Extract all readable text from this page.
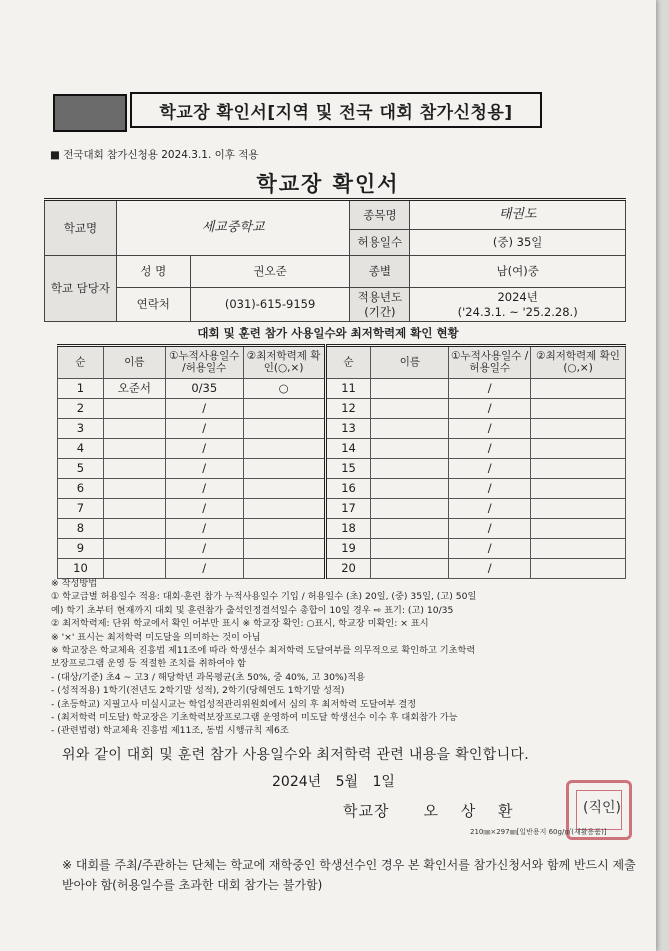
학교장 확인서[지역 및 전국 대회 참가신청용]
■ 전국대회 참가신청용 2024.3.1. 이후 적용
학교장 확인서
학교명	세교중학교		종목명	태권도
			허용일수	(중) 35일
학교 담당자	성 명	권오준	종별	남(여)중
	연락처	(031)-615-9159	적용년도 (기간)	2024년
('24.3.1. ~ '25.2.28.)
대회 및 훈련 참가 사용일수와 최저학력제 확인 현황
순	이름	①누적사용일수 /허용일수	②최저학력제 확인(○,×)	순	이름	①누적사용일수 /허용일수	②최저학력제 확인(○,×)
1	오준서	0/35	○	11		/	
2		/		12		/	
3		/		13		/	
4		/		14		/	
5		/		15		/	
6		/		16		/	
7		/		17		/	
8		/		18		/	
9		/		19		/	
10		/		20		/	
※ 작성방법
① 학교급별 허용일수 적용: 대회·훈련 참가 누적사용일수 기입 / 허용일수 (초) 20일, (중) 35일, (고) 50일
예) 학기 초부터 현재까지 대회 및 훈련참가 출석인정결석일수 총합이 10일 경우 ⇨ 표기: (고) 10/35
② 최저학력제: 단위 학교에서 확인 어부만 표시 ※ 학교장 확인: ○표시, 학교장 미확인: × 표시
※ '×' 표시는 최저학력 미도달을 의미하는 것이 아님
※ 학교장은 학교체육 진흥법 제11조에 따라 학생선수 최저학력 도달여부를 의무적으로 확인하고 기초학력
보장프로그램 운영 등 적절한 조치를 취하여야 함
- (대상/기준) 초4 ~ 고3 / 해당학년 과목평균(초 50%, 중 40%, 고 30%)적용
- (성적적용) 1학기(전년도 2학기말 성적), 2학기(당해연도 1학기말 성적)
- (초등학교) 지필고사 미실시교는 학업성적관리위원회에서 심의 후 최저학력 도달여부 결정
- (최저학력 미도달) 학교장은 기초학력보장프로그램 운영하여 미도달 학생선수 이수 후 대회참가 가능
- (관련법령) 학교체육 진흥법 제11조, 동법 시행규칙 제6조
위와 같이 대회 및 훈련 참가 사용일수와 최저학력 관련 내용을 확인합니다.
2024년 5월 1일
학교장 오 상 환	(직인)
210㎜×297㎜[일반용지 60g/㎡(재활용품)]
※ 대회를 주최/주관하는 단체는 학교에 재학중인 학생선수인 경우 본 확인서를 참가신청서와 함께 반드시 제출받아야 함(허용일수를 초과한 대회 참가는 불가함)
